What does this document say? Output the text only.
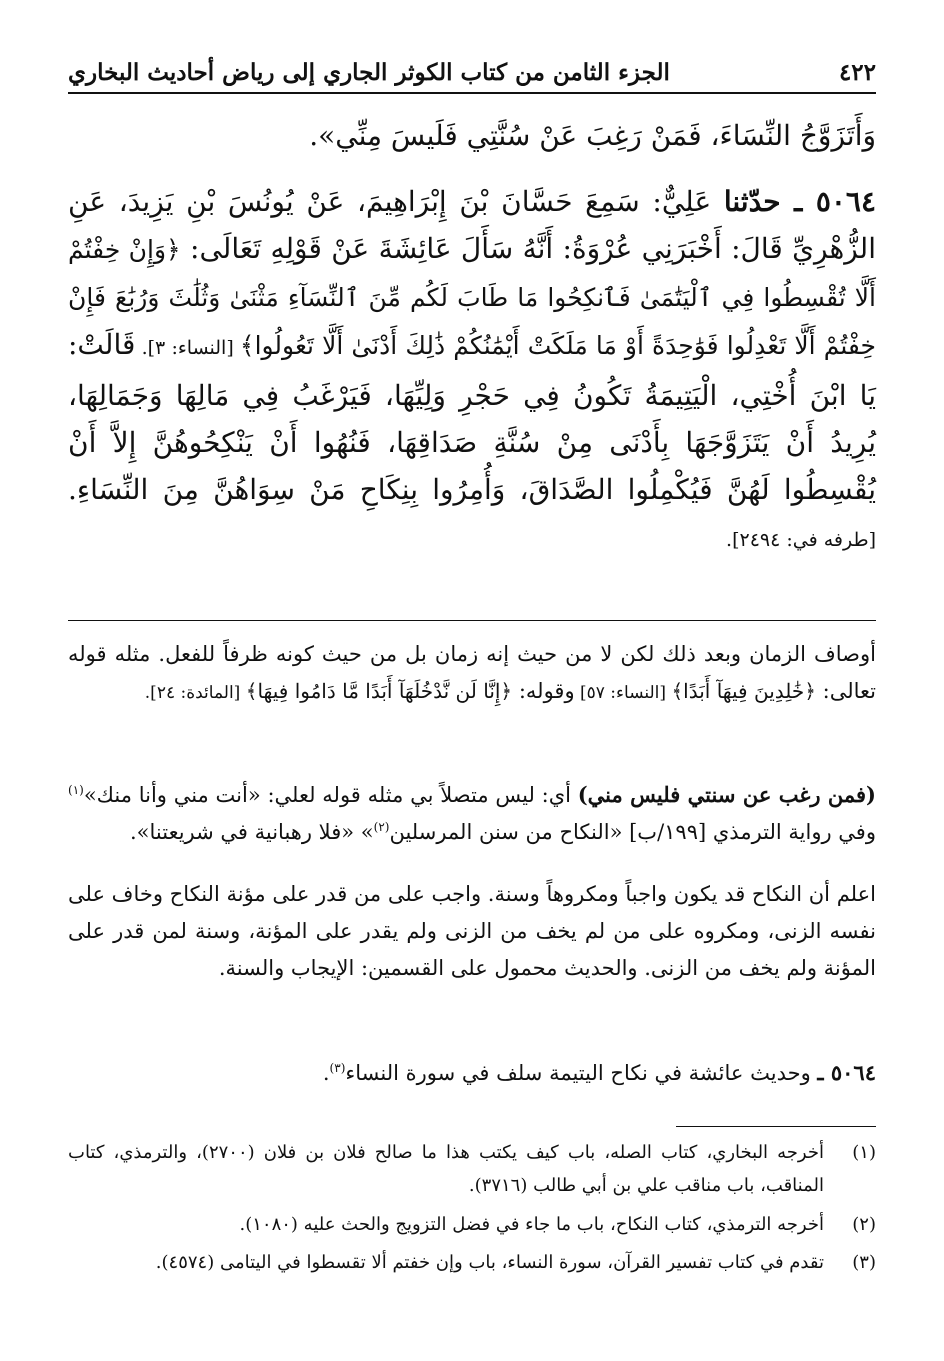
٤٢٢
الجزء الثامن من كتاب الكوثر الجاري إلى رياض أحاديث البخاري
وَأَتَزَوَّجُ النِّسَاءَ، فَمَنْ رَغِبَ عَنْ سُنَّتِي فَلَيسَ مِنِّي».
٥٠٦٤ ـ حدّثنا عَلِيٌّ: سَمِعَ حَسَّانَ بْنَ إِبْرَاهِيمَ، عَنْ يُونُسَ بْنِ يَزِيدَ، عَنِ الزُّهْرِيِّ قَالَ: أَخْبَرَنِي عُرْوَةُ: أَنَّهُ سَأَلَ عَائِشَةَ عَنْ قَوْلِهِ تَعَالَى: ﴿وَإِنْ خِفْتُمْ أَلَّا تُقْسِطُوا فِي ٱلْيَتَٰمَىٰ فَٱنكِحُوا مَا طَابَ لَكُم مِّنَ ٱلنِّسَآءِ مَثْنَىٰ وَثُلَٰثَ وَرُبَٰعَ فَإِنْ خِفْتُمْ أَلَّا تَعْدِلُوا فَوَٰحِدَةً أَوْ مَا مَلَكَتْ أَيْمَٰنُكُمْ ذَٰلِكَ أَدْنَىٰ أَلَّا تَعُولُوا﴾ [النساء: ٣]. قَالَتْ: يَا ابْنَ أُخْتِي، الْيَتِيمَةُ تَكُونُ فِي حَجْرِ وَلِيِّهَا، فَيَرْغَبُ فِي مَالِهَا وَجَمَالِهَا، يُرِيدُ أَنْ يَتَزَوَّجَهَا بِأَدْنَى مِنْ سُنَّةِ صَدَاقِهَا، فَنُهُوا أَنْ يَنْكِحُوهُنَّ إِلاَّ أَنْ يُقْسِطُوا لَهُنَّ فَيُكْمِلُوا الصَّدَاقَ، وَأُمِرُوا بِنِكَاحِ مَنْ سِوَاهُنَّ مِنَ النِّسَاءِ. [طرفه في: ٢٤٩٤].
أوصاف الزمان وبعد ذلك لكن لا من حيث إنه زمان بل من حيث كونه ظرفاً للفعل. مثله قوله تعالى: ﴿خَٰلِدِينَ فِيهَآ أَبَدًا﴾ [النساء: ٥٧] وقوله: ﴿إِنَّا لَن نَّدْخُلَهَآ أَبَدًا مَّا دَامُوا فِيهَا﴾ [المائدة: ٢٤].
(فمن رغب عن سنتي فليس مني) أي: ليس متصلاً بي مثله قوله لعلي: «أنت مني وأنا منك»$^{(١)}$ وفي رواية الترمذي [١٩٩/ب] «النكاح من سنن المرسلين$^{(٢)}$» «فلا رهبانية في شريعتنا».
اعلم أن النكاح قد يكون واجباً ومكروهاً وسنة. واجب على من قدر على مؤنة النكاح وخاف على نفسه الزنى، ومكروه على من لم يخف من الزنى ولم يقدر على المؤنة، وسنة لمن قدر على المؤنة ولم يخف من الزنى. والحديث محمول على القسمين: الإيجاب والسنة.
٥٠٦٤ ـ وحديث عائشة في نكاح اليتيمة سلف في سورة النساء$^{(٣)}$.
(١)
أخرجه البخاري، كتاب الصله، باب كيف يكتب هذا ما صالح فلان بن فلان (٢٧٠٠)، والترمذي، كتاب المناقب، باب مناقب علي بن أبي طالب (٣٧١٦).
(٢)
أخرجه الترمذي، كتاب النكاح، باب ما جاء في فضل التزويج والحث عليه (١٠٨٠).
(٣)
تقدم في كتاب تفسير القرآن، سورة النساء، باب وإن خفتم ألا تقسطوا في اليتامى (٤٥٧٤).
